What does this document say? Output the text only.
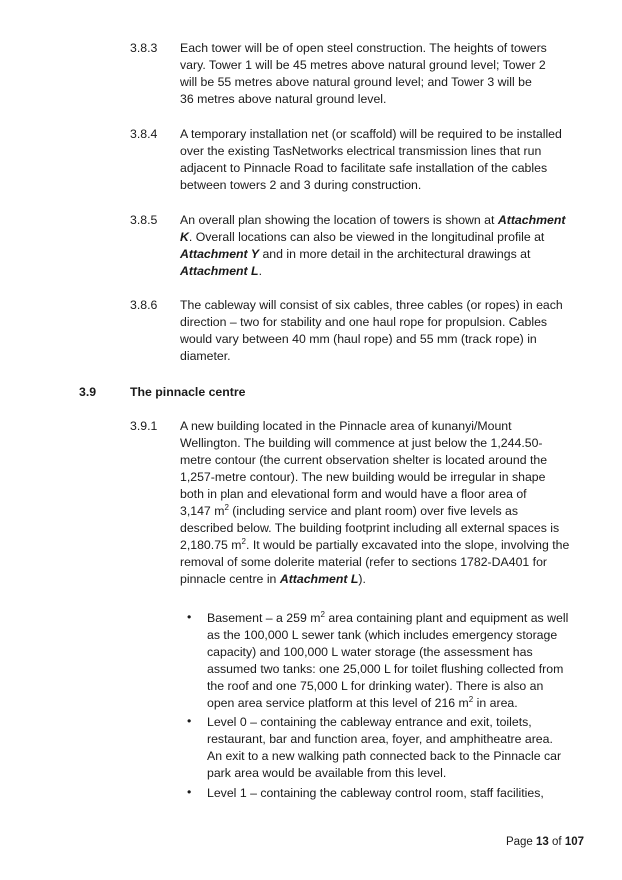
3.8.3 Each tower will be of open steel construction. The heights of towers
vary. Tower 1 will be 45 metres above natural ground level; Tower 2
will be 55 metres above natural ground level; and Tower 3 will be
36 metres above natural ground level.
3.8.4 A temporary installation net (or scaffold) will be required to be installed
over the existing TasNetworks electrical transmission lines that run
adjacent to Pinnacle Road to facilitate safe installation of the cables
between towers 2 and 3 during construction.
3.8.5 An overall plan showing the location of towers is shown at Attachment
K. Overall locations can also be viewed in the longitudinal profile at
Attachment Y and in more detail in the architectural drawings at
Attachment L.
3.8.6 The cableway will consist of six cables, three cables (or ropes) in each
direction – two for stability and one haul rope for propulsion. Cables
would vary between 40 mm (haul rope) and 55 mm (track rope) in
diameter.
3.9	The pinnacle centre
3.9.1 A new building located in the Pinnacle area of kunanyi/Mount
Wellington. The building will commence at just below the 1,244.50-
metre contour (the current observation shelter is located around the
1,257-metre contour). The new building would be irregular in shape
both in plan and elevational form and would have a floor area of
3,147 $m^2$ (including service and plant room) over five levels as
described below. The building footprint including all external spaces is
2,180.75 $m^2$. It would be partially excavated into the slope, involving the
removal of some dolerite material (refer to sections 1782-DA401 for
pinnacle centre in Attachment L).
• Basement – a 259 $m^2$ area containing plant and equipment as well
as the 100,000 L sewer tank (which includes emergency storage
capacity) and 100,000 L water storage (the assessment has
assumed two tanks: one 25,000 L for toilet flushing collected from
the roof and one 75,000 L for drinking water). There is also an
open area service platform at this level of 216 $m^2$ in area.
• Level 0 – containing the cableway entrance and exit, toilets,
restaurant, bar and function area, foyer, and amphitheatre area.
An exit to a new walking path connected back to the Pinnacle car
park area would be available from this level.
• Level 1 – containing the cableway control room, staff facilities,
Page 13 of 107
